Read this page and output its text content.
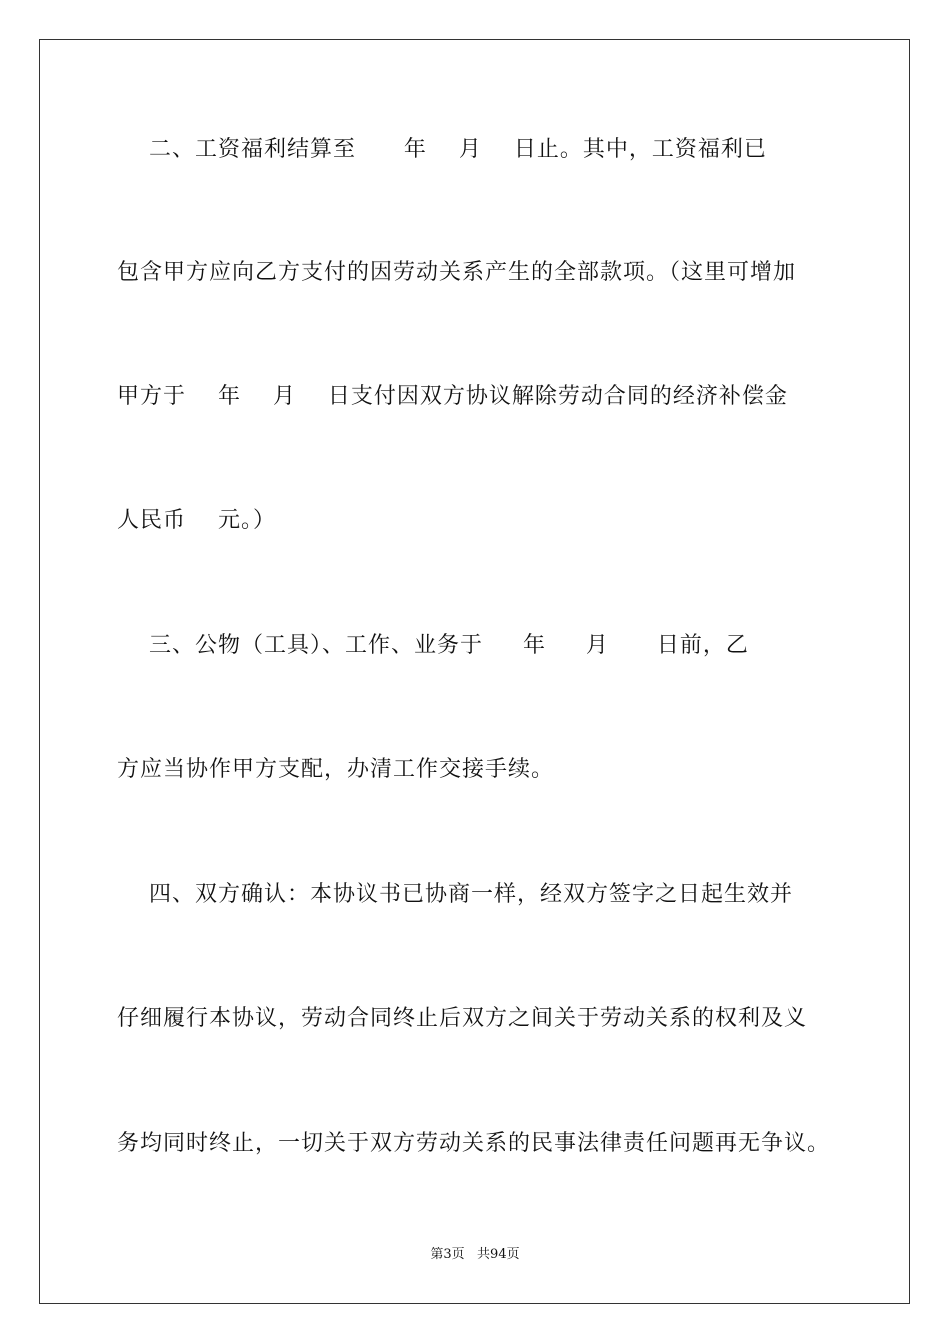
二、工资福利结算至      年    月    日止。其中，工资福利已
包含甲方应向乙方支付的因劳动关系产生的全部款项。（这里可增加
甲方于    年    月    日支付因双方协议解除劳动合同的经济补偿金
人民币    元。）
三、公物（工具）、工作、业务于     年     月      日前，乙
方应当协作甲方支配，办清工作交接手续。
四、双方确认：本协议书已协商一样，经双方签字之日起生效并
仔细履行本协议，劳动合同终止后双方之间关于劳动关系的权利及义
务均同时终止，一切关于双方劳动关系的民事法律责任问题再无争议。
第3页   共94页
